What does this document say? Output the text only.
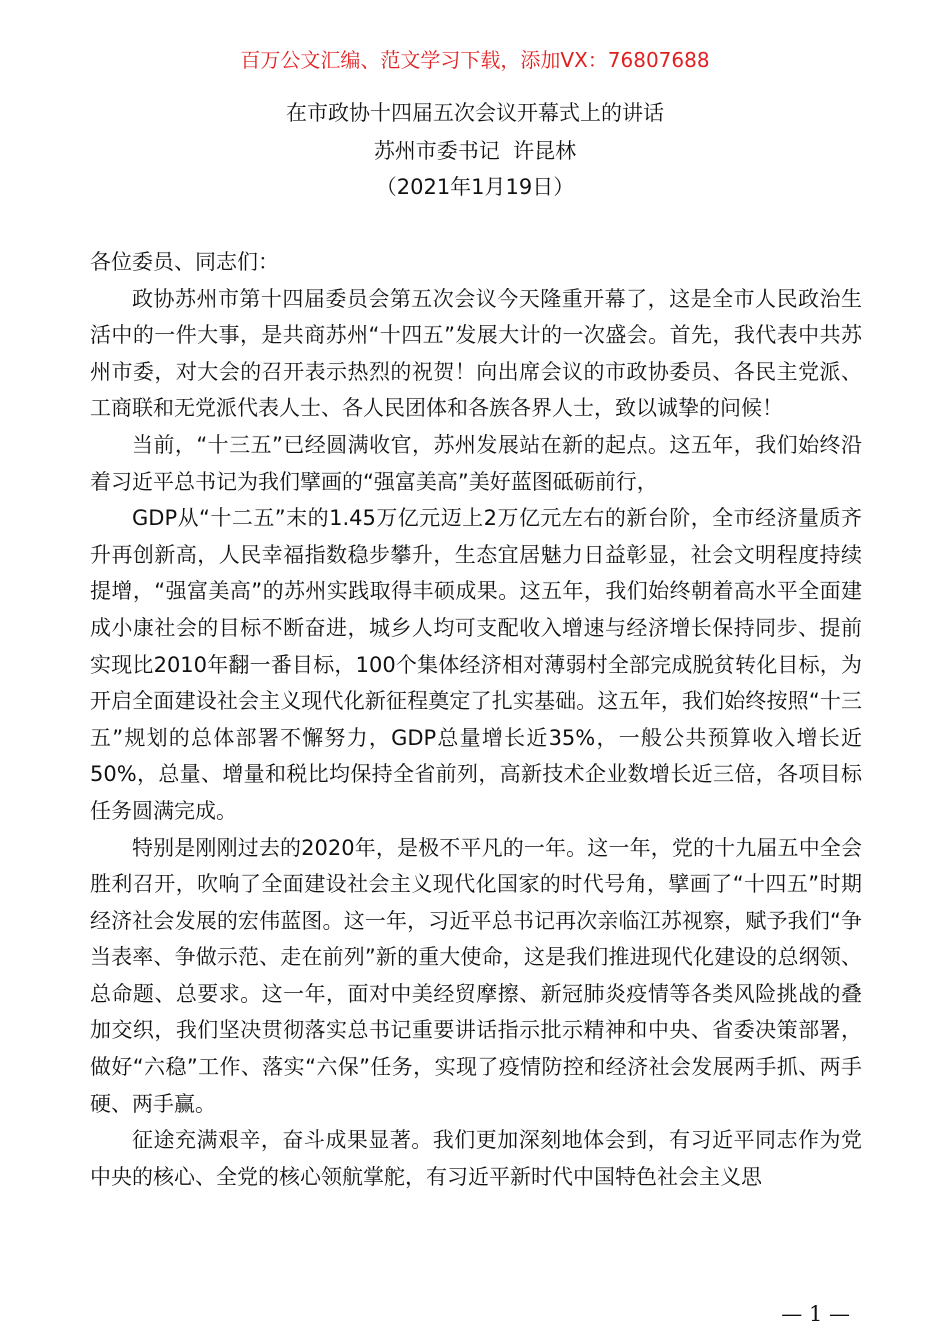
百万公文汇编、范文学习下载，添加VX：76807688
在市政协十四届五次会议开幕式上的讲话
苏州市委书记  许昆林
（2021年1月19日）

各位委员、同志们：

政协苏州市第十四届委员会第五次会议今天隆重开幕了，这是全市人民政治生活中的一件大事，是共商苏州“十四五”发展大计的一次盛会。首先，我代表中共苏州市委，对大会的召开表示热烈的祝贺！向出席会议的市政协委员、各民主党派、工商联和无党派代表人士、各人民团体和各族各界人士，致以诚挚的问候！

当前，“十三五”已经圆满收官，苏州发展站在新的起点。这五年，我们始终沿着习近平总书记为我们擘画的“强富美高”美好蓝图砥砺前行，

GDP从“十二五”末的1.45万亿元迈上2万亿元左右的新台阶，全市经济量质齐升再创新高，人民幸福指数稳步攀升，生态宜居魅力日益彰显，社会文明程度持续提增，“强富美高”的苏州实践取得丰硕成果。这五年，我们始终朝着高水平全面建成小康社会的目标不断奋进，城乡人均可支配收入增速与经济增长保持同步、提前实现比2010年翻一番目标，100个集体经济相对薄弱村全部完成脱贫转化目标，为开启全面建设社会主义现代化新征程奠定了扎实基础。这五年，我们始终按照“十三五”规划的总体部署不懈努力，GDP总量增长近35%，一般公共预算收入增长近50%，总量、增量和税比均保持全省前列，高新技术企业数增长近三倍，各项目标任务圆满完成。

特别是刚刚过去的2020年，是极不平凡的一年。这一年，党的十九届五中全会胜利召开，吹响了全面建设社会主义现代化国家的时代号角，擘画了“十四五”时期经济社会发展的宏伟蓝图。这一年，习近平总书记再次亲临江苏视察，赋予我们“争当表率、争做示范、走在前列”新的重大使命，这是我们推进现代化建设的总纲领、总命题、总要求。这一年，面对中美经贸摩擦、新冠肺炎疫情等各类风险挑战的叠加交织，我们坚决贯彻落实总书记重要讲话指示批示精神和中央、省委决策部署，做好“六稳”工作、落实“六保”任务，实现了疫情防控和经济社会发展两手抓、两手硬、两手赢。

征途充满艰辛，奋斗成果显著。我们更加深刻地体会到，有习近平同志作为党中央的核心、全党的核心领航掌舵，有习近平新时代中国特色社会主义思

— 1 —
